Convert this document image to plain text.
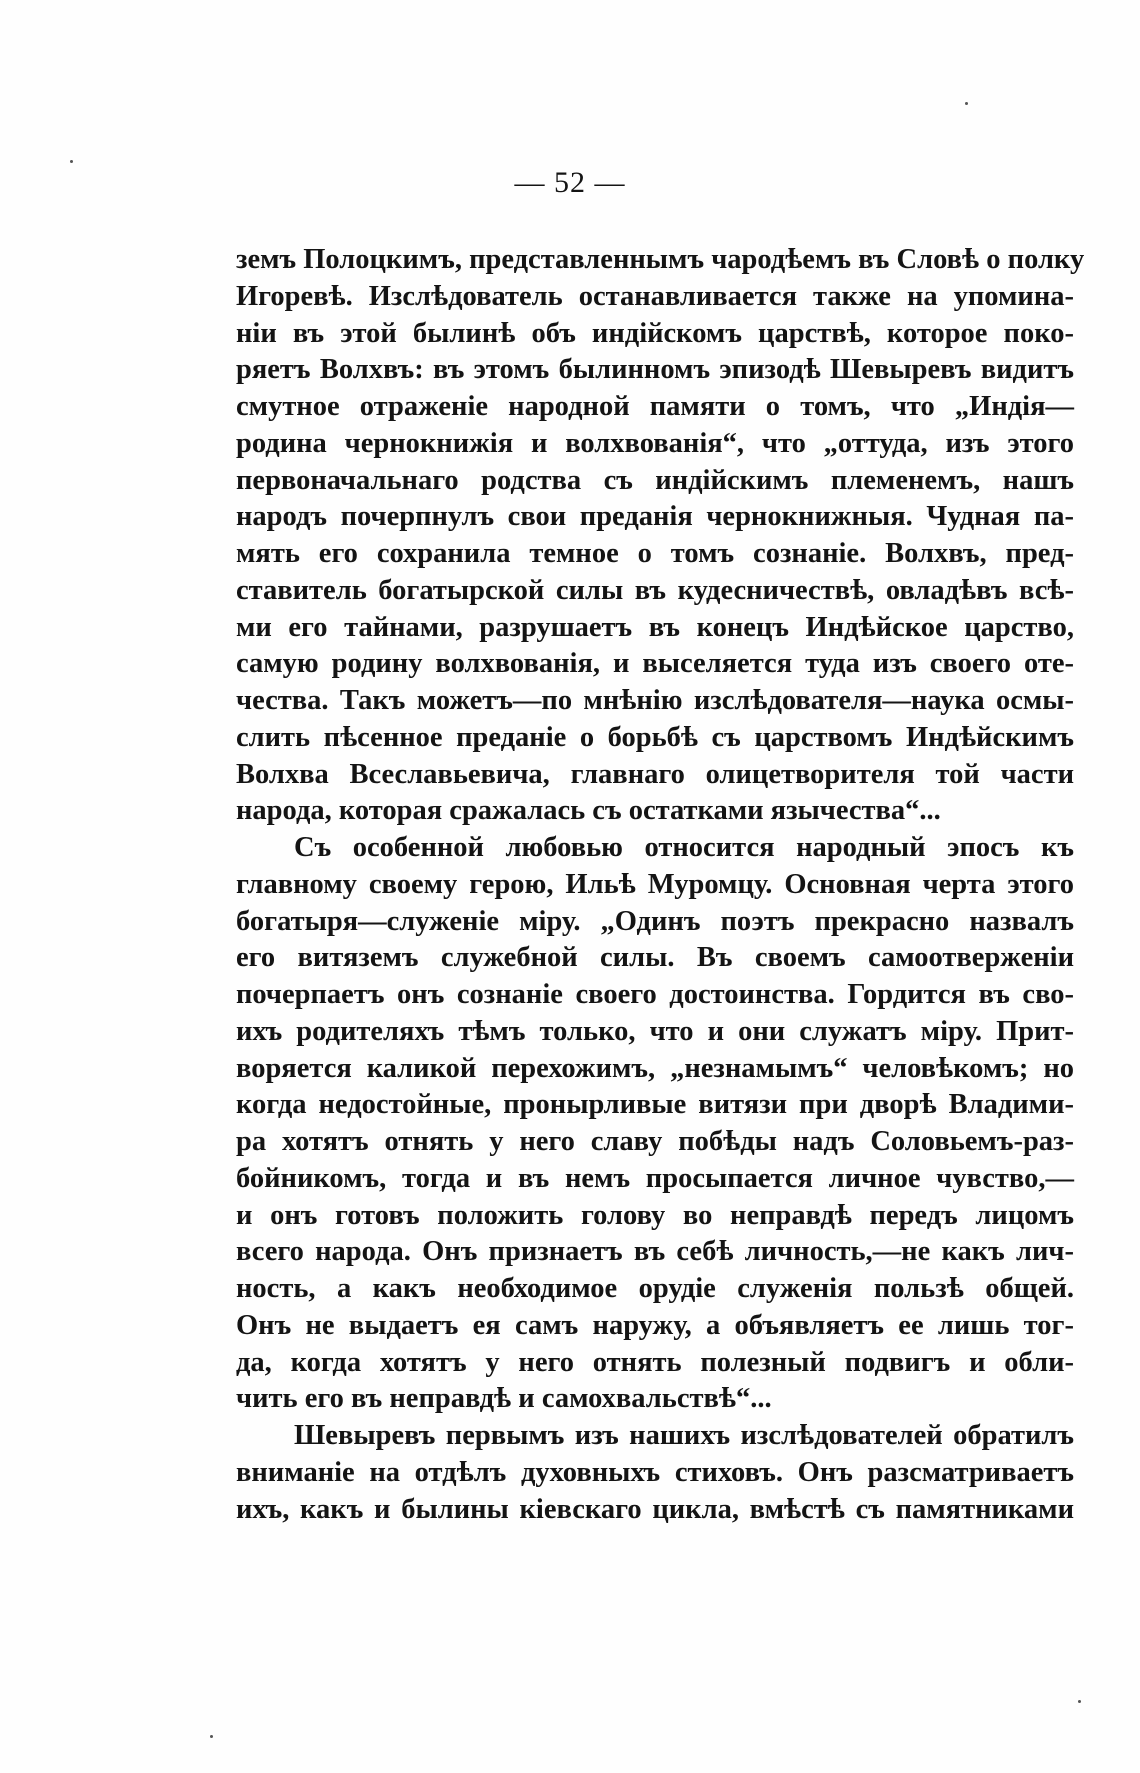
— 52 —
земъ Полоцкимъ, представленнымъ чародѣемъ въ Словѣ о полку
Игоревѣ. Изслѣдователь останавливается также на упомина-
ніи въ этой былинѣ объ индійскомъ царствѣ, которое поко-
ряетъ Волхвъ: въ этомъ былинномъ эпизодѣ Шевыревъ видитъ
смутное отраженіе народной памяти о томъ, что „Индія—
родина чернокнижія и волхвованія“, что „оттуда, изъ этого
первоначальнаго родства съ индійскимъ племенемъ, нашъ
народъ почерпнулъ свои преданія чернокнижныя. Чудная па-
мять его сохранила темное о томъ сознаніе. Волхвъ, пред-
ставитель богатырской силы въ кудесничествѣ, овладѣвъ всѣ-
ми его тайнами, разрушаетъ въ конецъ Индѣйское царство,
самую родину волхвованія, и выселяется туда изъ своего оте-
чества. Такъ можетъ—по мнѣнію изслѣдователя—наука осмы-
слить пѣсенное преданіе о борьбѣ съ царствомъ Индѣйскимъ
Волхва Всеславьевича, главнаго олицетворителя той части
народа, которая сражалась съ остатками язычества“...
Съ особенной любовью относится народный эпосъ къ
главному своему герою, Ильѣ Муромцу. Основная черта этого
богатыря—служеніе міру. „Одинъ поэтъ прекрасно назвалъ
его витяземъ служебной силы. Въ своемъ самоотверженіи
почерпаетъ онъ сознаніе своего достоинства. Гордится въ сво-
ихъ родителяхъ тѣмъ только, что и они служатъ міру. Прит-
воряется каликой перехожимъ, „незнамымъ“ человѣкомъ; но
когда недостойные, пронырливые витязи при дворѣ Владими-
ра хотятъ отнять у него славу побѣды надъ Соловьемъ-раз-
бойникомъ, тогда и въ немъ просыпается личное чувство,—
и онъ готовъ положить голову во неправдѣ передъ лицомъ
всего народа. Онъ признаетъ въ себѣ личность,—не какъ лич-
ность, а какъ необходимое орудіе служенія пользѣ общей.
Онъ не выдаетъ ея самъ наружу, а объявляетъ ее лишь тог-
да, когда хотятъ у него отнять полезный подвигъ и обли-
чить его въ неправдѣ и самохвальствѣ“...
Шевыревъ первымъ изъ нашихъ изслѣдователей обратилъ
вниманіе на отдѣлъ духовныхъ стиховъ. Онъ разсматриваетъ
ихъ, какъ и былины кіевскаго цикла, вмѣстѣ съ памятниками
